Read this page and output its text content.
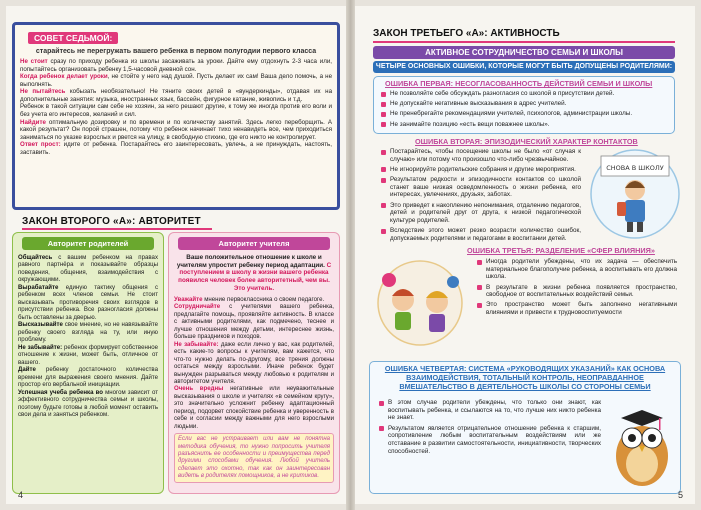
СОВЕТ СЕДЬМОЙ:
старайтесь не перегружать вашего ребенка в первом полугодии первого класса

Не стоит сразу по приходу ребенка из школы засаживать за уроки. Дайте ему отдохнуть 2-3 часа или, попытайтесь организовать ребенку 1,5-часовой дневной сон.

Когда ребенок делает уроки, не стойте у него над душой. Пусть делает их сам! Ваша дело помочь, а не выполнять.

Не пытайтесь кобызать необязательно! Не тяните своих детей в «вундеркинды», отдавая их на дополнительные занятия: музыка, иностранных язык, бассейн, фигурное катание, живопись и т.д.

Ребенок в такой ситуации сам себе не хозяин, за него решают другие, к тому же иногда против его воли и без учета его интересов, желаний и сил.

Найдите оптимальную дозировку и по времени и по количеству занятий. Здесь легко переборщить. А какой результат? Он порой страшен, потому что ребенок начинает тихо ненавидеть все, чем приходиться заниматься по указке взрослых и рвется на улицу, в свободную стихию, где его никто не контролирует.

Ответ прост: идите от ребенка. Постарайтесь его заинтересовать, увлечь, а не принуждать, настоять, заставить.

ЗАКОН ВТОРОГО «А»: АВТОРИТЕТ
Авторитет родителей

Общайтесь с вашим ребенком на правах равного партнёра и показывайте образцы поведения, общения, взаимодействия с окружающими.

Вырабатайте единую тактику общения с ребенком всех членов семьи. Не стоит высказывать противоречия своих взглядов в присутствии ребенка. Все разногласия должны быть оставлены за дверью.

Высказывайте свое мнение, но не навязывайте ребенку своего взгляда на ту, или иную проблему.

Не забывайте: ребенок формирует собственное отношение к жизни, может быть, отличное от вашего.

Дайте ребенку достаточного количества времени для выражения своего мнения. Дайте простор его вербальной инициации.

Успешная учеба ребенка во многом зависит от эффективного сотрудничества семьи и школы, поэтому будьте готовы в любой момент оставить свои дела и заняться ребенком.

Авторитет учителя

Ваше положительное отношение к школе и учителям упростит ребенку период адаптации. С поступлением в школу в жизни вашего ребенка появился человек более авторитетный, чем вы. Это учитель.

Уважайте мнение первоклассника о своем педагоге.

Сотрудничайте с учителями вашего ребенка, предлагайте помощь, проявляйте активность. В классе с активными родителями, как подмечено, теснее и лучше отношения между детьми, интереснее жизнь, больше праздников и походов.

Не забывайте: даже если лично у вас, как родителей, есть какие-то вопросы к учителям, вам кажется, что что-то нужно делать по-другому, все трения должны остаться между взрослыми. Иначе ребенок будет вынужден разрываться между любовью к родителям и авторитетом учителя.

Очень вредны негативные или неуважительные высказывания о школе и учителях «в семейном кругу», это значительно усложнит ребенку адаптационный период, подорвет спокойствие ребенка и уверенность в себе и согласии между важными для него взрослыми людьми.

Если вас не устраивает или вам не понятна методика обучения, то нужно попросить учителя разъяснить ее особенности и преимущества перед другими способами обучения. Любой учитель сделает это охотно, так как он заинтересован видеть в родителях помощников, а не критиков.
4
ЗАКОН ТРЕТЬЕГО «А»: АКТИВНОСТЬ
АКТИВНОЕ СОТРУДНИЧЕСТВО СЕМЬИ И ШКОЛЫ
ЧЕТЫРЕ ОСНОВНЫХ ОШИБКИ, КОТОРЫЕ МОГУТ БЫТЬ ДОПУЩЕНЫ РОДИТЕЛЯМИ:
ОШИБКА ПЕРВАЯ: НЕСОГЛАСОВАННОСТЬ ДЕЙСТВИЙ СЕМЬИ И ШКОЛЫ
Не позволяйте себе обсуждать разногласия со школой в присутствии детей.
Не допускайте негативные высказывания в адрес учителей.
Не пренебрегайте рекомендациями учителей, психологов, администрации школы.
Не занимайте позицию «есть вещи поважнее школы».
ОШИБКА ВТОРАЯ: ЭПИЗОДИЧЕСКИЙ ХАРАКТЕР КОНТАКТОВ
Постарайтесь, чтобы посещение школы не было «от случая к случаю» или потому что произошло что-либо чрезвычайное.
Не игнорируйте родительские собрания и другие мероприятия.
Результатом редкости и эпизодичности контактов со школой станет ваше низкая осведомленность о жизни ребенка, его интересах, увлечениях, друзьях, заботах.
Это приведет к накоплению непонимания, отдалению педагогов, детей и родителей друг от друга, к низкой педагогической культуре родителей.
Вследствие этого может резко возрасти количество ошибок, допускаемых родителями и педагогами в воспитании детей.
СНОВА В ШКОЛУ
ОШИБКА ТРЕТЬЯ: РАЗДЕЛЕНИЕ «СФЕР ВЛИЯНИЯ»
Иногда родители убеждены, что их задача — обеспечить материальное благополучие ребенка, а воспитывать его должна школа.
В результате в жизни ребенка появляется пространство, свободное от воспитательных воздействий семьи.
Это пространство может быть заполнено негативными влияниями и привести к трудновоспитуемости
ОШИБКА ЧЕТВЕРТАЯ: СИСТЕМА «РУКОВОДЯЩИХ УКАЗАНИЙ» КАК ОСНОВА ВЗАИМОДЕЙСТВИЯ, ТОТАЛЬНЫЙ КОНТРОЛЬ, НЕОПРАВДАННОЕ ВМЕШАТЕЛЬСТВО В ДЕЯТЕЛЬНОСТЬ ШКОЛЫ СО СТОРОНЫ СЕМЬИ
В этом случае родители убеждены, что только они знают, как воспитывать ребенка, и ссылаются на то, что лучше них никто ребенка не знает.
Результатом является отрицательное отношение ребенка к старшим, сопротивление любым воспитательным воздействиям или же отставание в развитии самостоятельности, инициативности, творческих способностей.
5
